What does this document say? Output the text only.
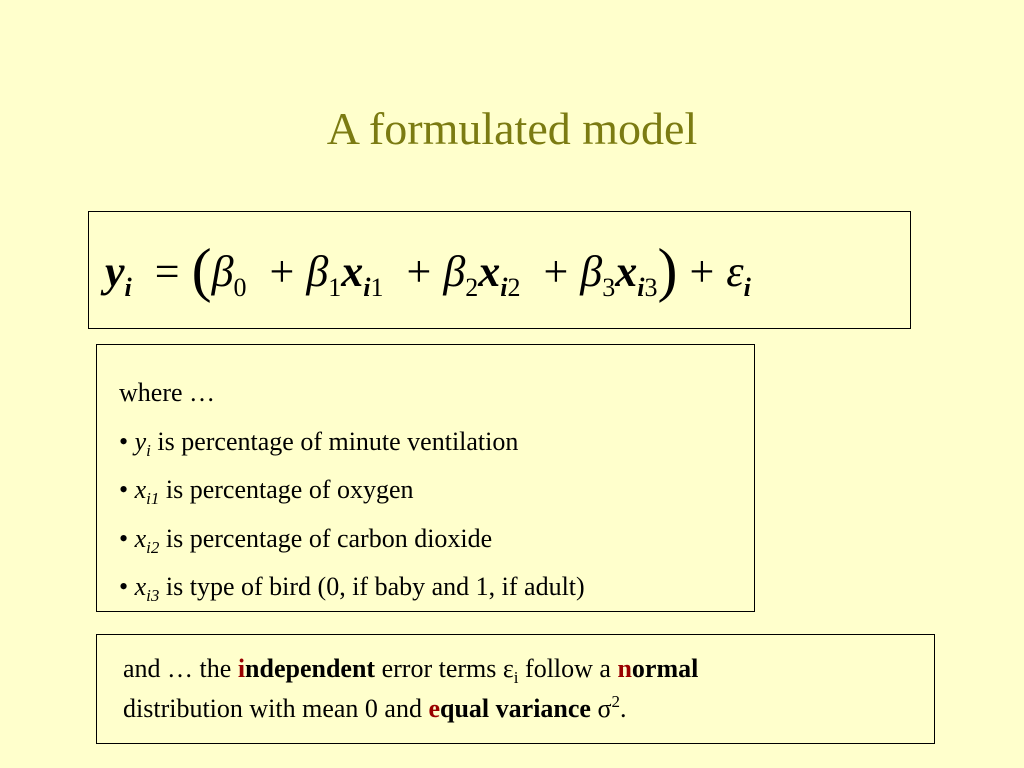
A formulated model
$y_i = (\beta_0 + \beta_1x_{i1} + \beta_2x_{i2} + \beta_3x_{i3}) + \varepsilon_i$
where …
• $y_i$ is percentage of minute ventilation
• $x_{i1}$ is percentage of oxygen
• $x_{i2}$ is percentage of carbon dioxide
• $x_{i3}$ is type of bird (0, if baby and 1, if adult)
and … the independent error terms $\varepsilon_i$ follow a normal
distribution with mean 0 and equal variance $\sigma^2$.
